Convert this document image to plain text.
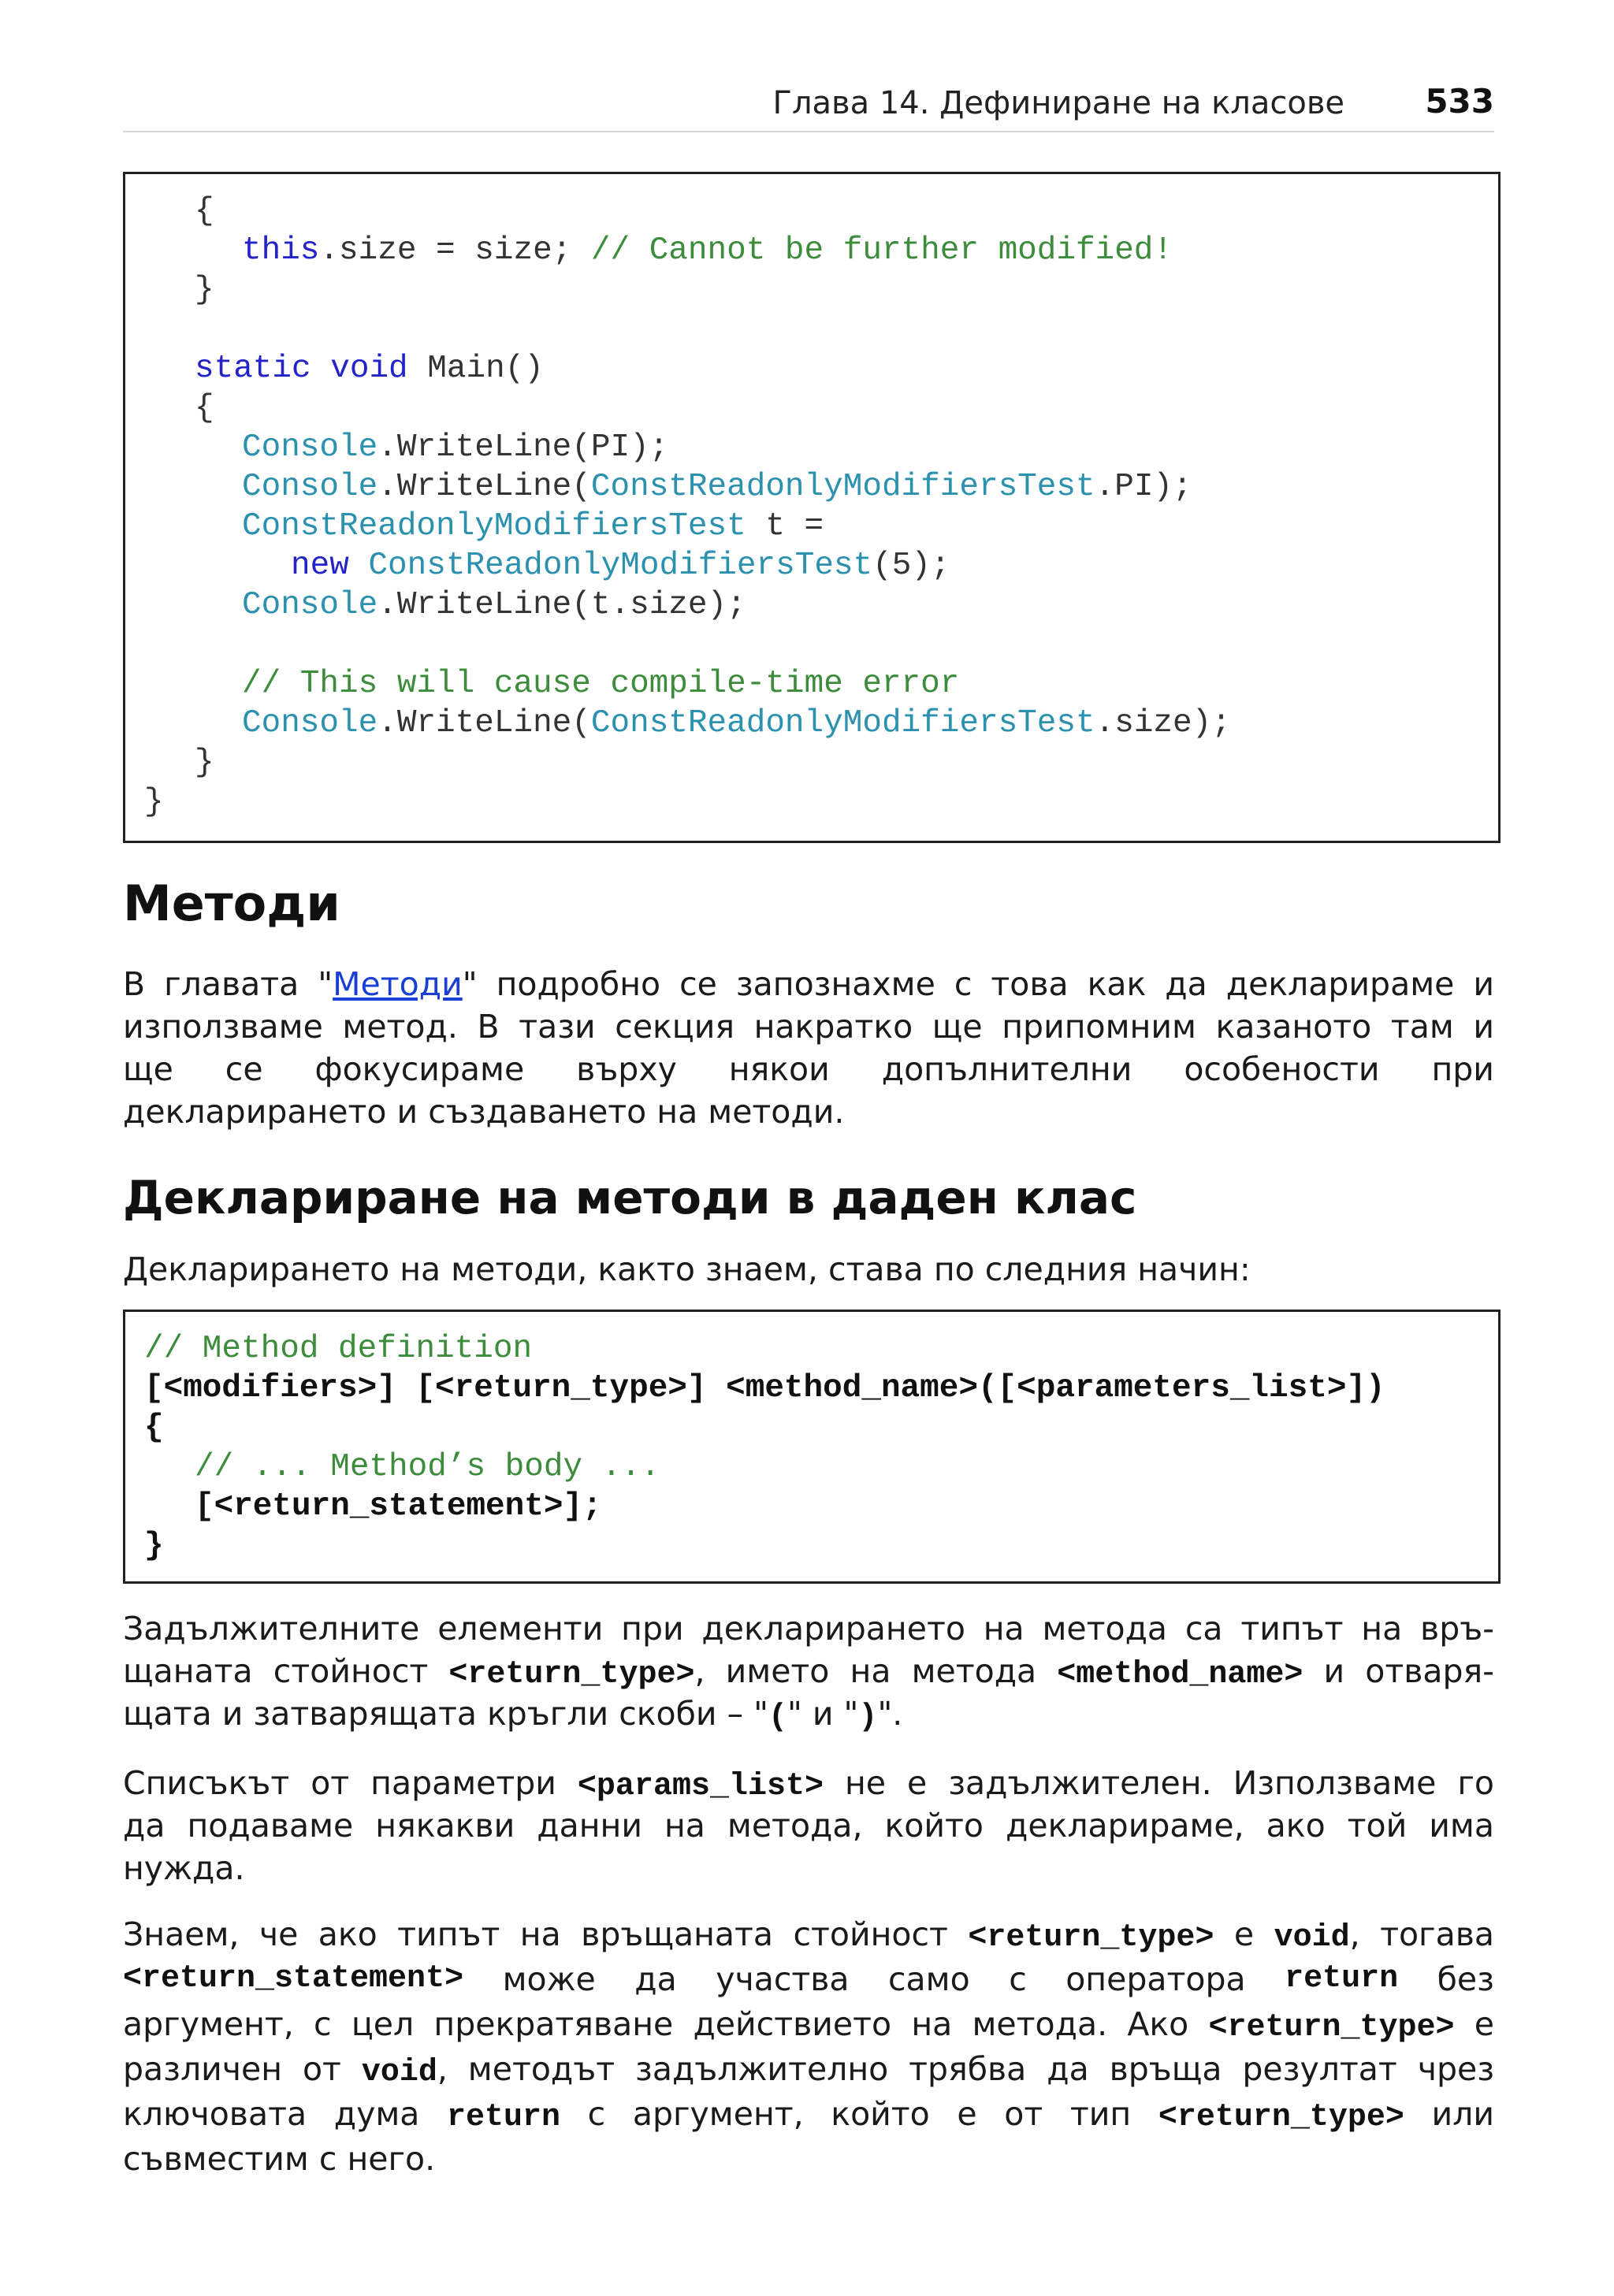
Глава 14. Дефиниране на класове 533
{
this.size = size; // Cannot be further modified!
}
static void Main()
{
Console.WriteLine(PI);
Console.WriteLine(ConstReadonlyModifiersTest.PI);
ConstReadonlyModifiersTest t =
new ConstReadonlyModifiersTest(5);
Console.WriteLine(t.size);
// This will cause compile-time error
Console.WriteLine(ConstReadonlyModifiersTest.size);
}
}
Методи
В главата "Методи" подробно се запознахме с това как да декларираме и
използваме метод. В тази секция накратко ще припомним казаното там и
ще се фокусираме върху някои допълнителни особености при
декларирането и създаването на методи.
Деклариране на методи в даден клас
Декларирането на методи, както знаем, става по следния начин:
// Method definition
[<modifiers>] [<return_type>] <method_name>([<parameters_list>])
{
// ... Method’s body ...
[<return_statement>];
}
Задължителните елементи при декларирането на метода са типът на връ-
щаната стойност <return_type>, името на метода <method_name> и отваря-
щата и затварящата кръгли скоби – "(" и ")".
Списъкът от параметри <params_list> не е задължителен. Използваме го
да подаваме някакви данни на метода, който декларираме, ако той има
нужда.
Знаем, че ако типът на връщаната стойност <return_type> е void, тогава
<return_statement> може да участва само с оператора return без
аргумент, с цел прекратяване действието на метода. Ако <return_type> е
различен от void, методът задължително трябва да връща резултат чрез
ключовата дума return с аргумент, който е от тип <return_type> или
съвместим с него.
